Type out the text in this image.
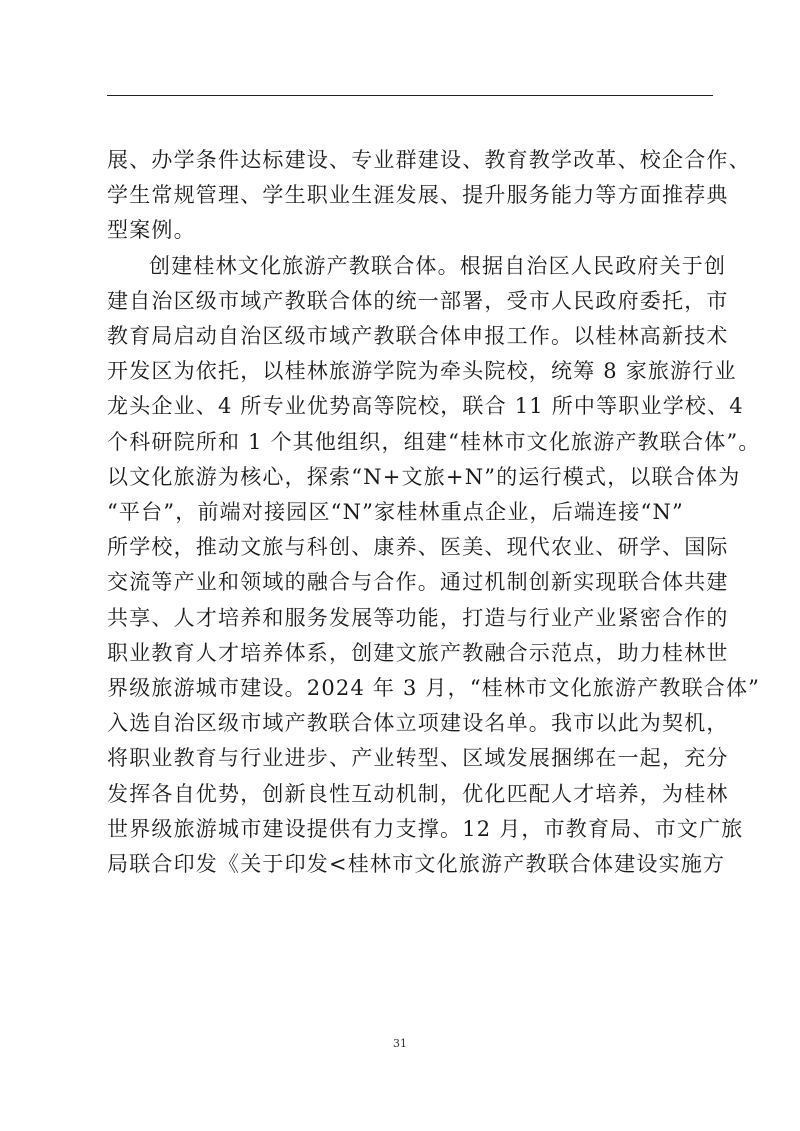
展、办学条件达标建设、专业群建设、教育教学改革、校企合作、
学生常规管理、学生职业生涯发展、提升服务能力等方面推荐典
型案例。

创建桂林文化旅游产教联合体。根据自治区人民政府关于创
建自治区级市域产教联合体的统一部署，受市人民政府委托，市
教育局启动自治区级市域产教联合体申报工作。以桂林高新技术
开发区为依托，以桂林旅游学院为牵头院校，统筹 8 家旅游行业
龙头企业、4 所专业优势高等院校，联合 11 所中等职业学校、4
个科研院所和 1 个其他组织，组建“桂林市文化旅游产教联合体”。
以文化旅游为核心，探索“N+文旅+N”的运行模式，以联合体为
“平台”，前端对接园区“N”家桂林重点企业，后端连接“N”
所学校，推动文旅与科创、康养、医美、现代农业、研学、国际
交流等产业和领域的融合与合作。通过机制创新实现联合体共建
共享、人才培养和服务发展等功能，打造与行业产业紧密合作的
职业教育人才培养体系，创建文旅产教融合示范点，助力桂林世
界级旅游城市建设。2024 年 3 月，“桂林市文化旅游产教联合体”
入选自治区级市域产教联合体立项建设名单。我市以此为契机，
将职业教育与行业进步、产业转型、区域发展捆绑在一起，充分
发挥各自优势，创新良性互动机制，优化匹配人才培养，为桂林
世界级旅游城市建设提供有力支撑。12 月，市教育局、市文广旅
局联合印发《关于印发<桂林市文化旅游产教联合体建设实施方

31
